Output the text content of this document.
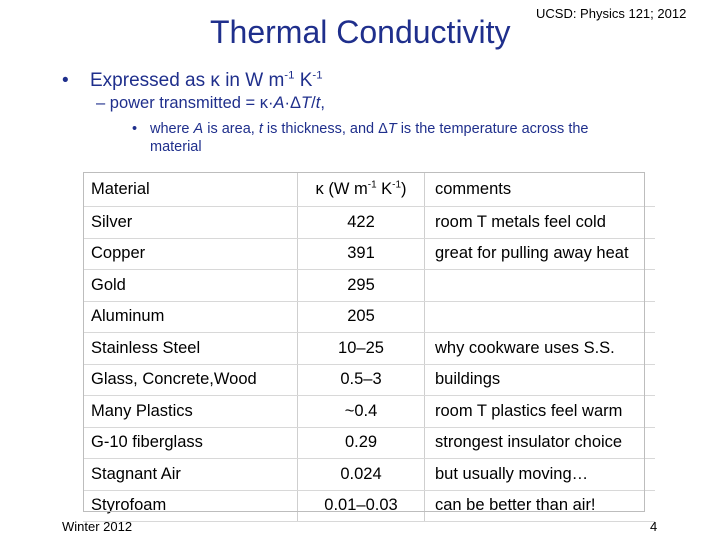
UCSD: Physics 121; 2012
Thermal Conductivity
• Expressed as κ in W $m^{-1}$ $K^{-1}$
– power transmitted = κ·A·ΔT/t,
• where A is area, t is thickness, and ΔT is the temperature across the
material
Material	κ (W $m^{-1}$ $K^{-1}$)	comments
Silver	422	room T metals feel cold
Copper	391	great for pulling away heat
Gold	295	
Aluminum	205	
Stainless Steel	10–25	why cookware uses S.S.
Glass, Concrete,Wood	0.5–3	buildings
Many Plastics	~0.4	room T plastics feel warm
G-10 fiberglass	0.29	strongest insulator choice
Stagnant Air	0.024	but usually moving…
Styrofoam	0.01–0.03	can be better than air!
Winter 2012	4
